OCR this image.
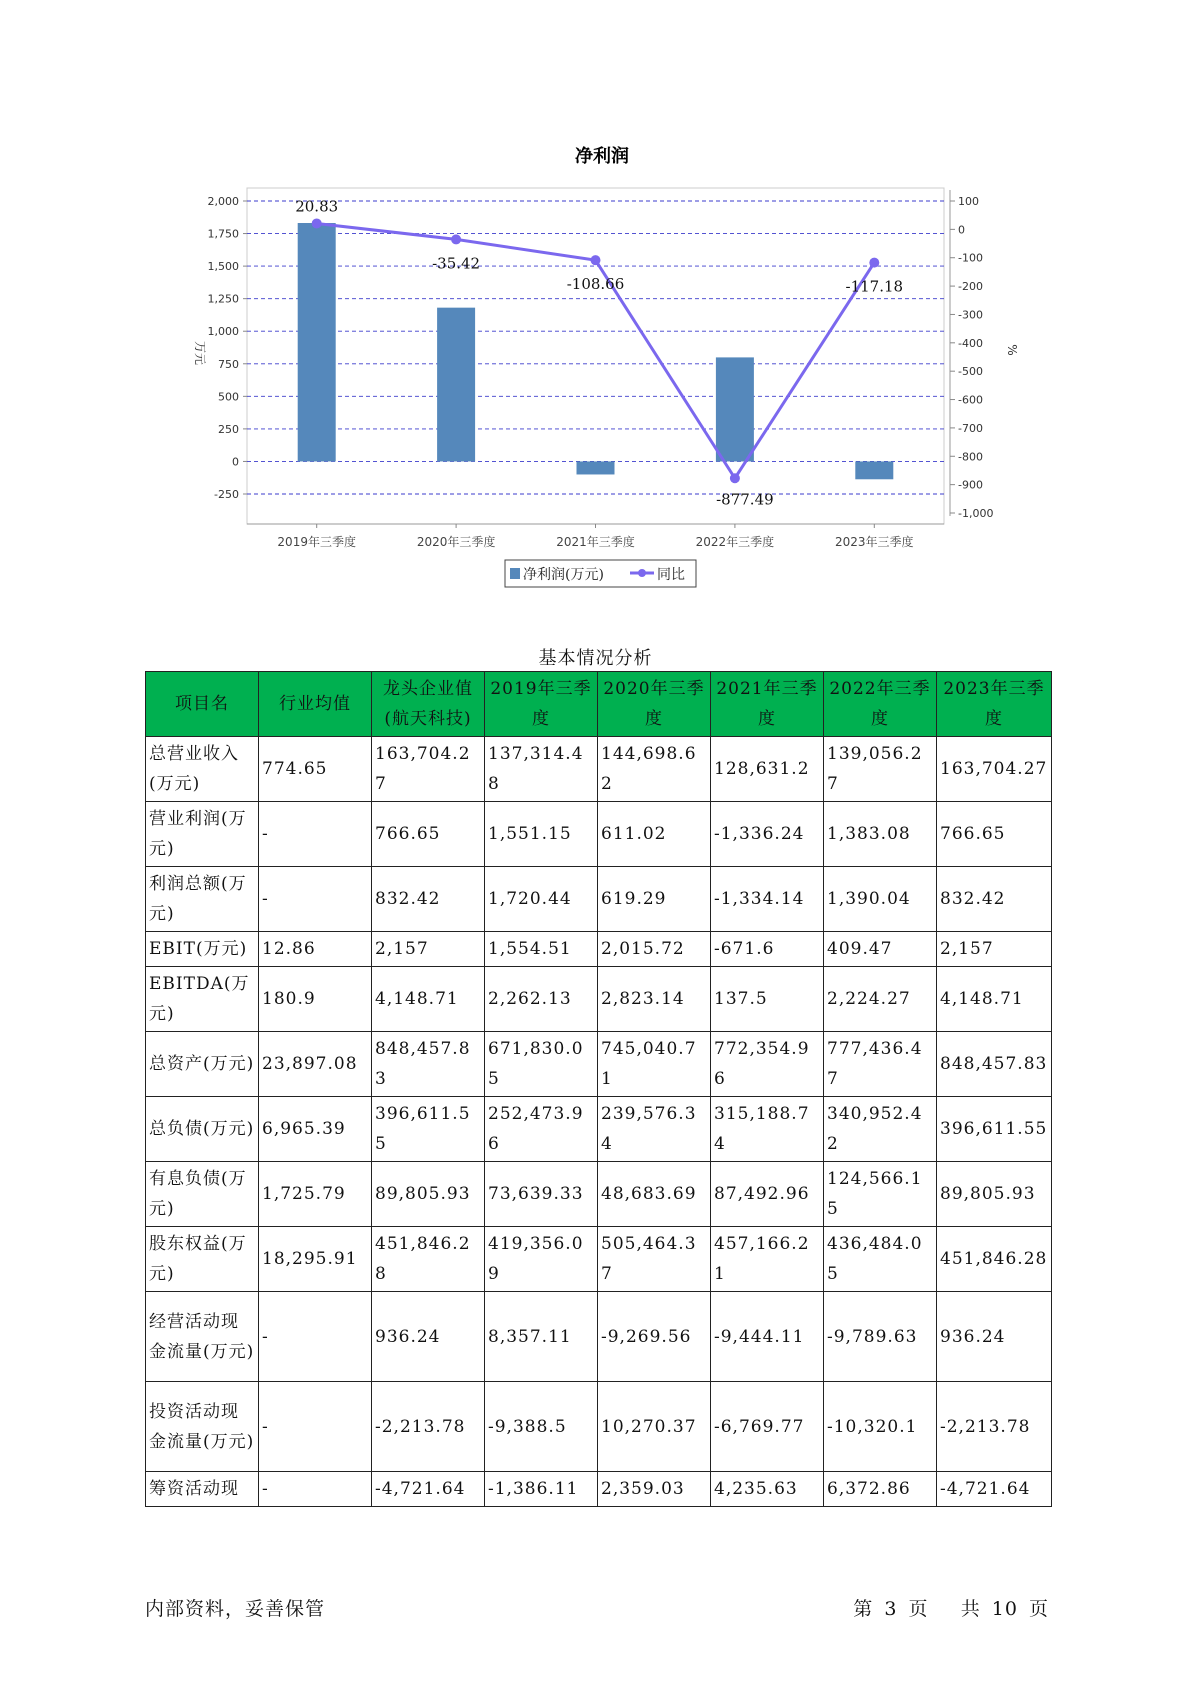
净利润
-250
0
250
500
750
1,000
1,250
1,500
1,750
2,000
-1,000
-900
-800
-700
-600
-500
-400
-300
-200
-100
0
100
万元	%
2019年三季度	2020年三季度	2021年三季度	2022年三季度	2023年三季度
20.83
-35.42
-108.66
-877.49
-117.18
净利润(万元)	同比
基本情况分析
项目名	行业均值	龙头企业值(航天科技)	2019年三季度	2020年三季度	2021年三季度	2022年三季度	2023年三季度
总营业收入(万元)	774.65	163,704.27	137,314.48	144,698.62	128,631.2	139,056.27	163,704.27
营业利润(万元)	-	766.65	1,551.15	611.02	-1,336.24	1,383.08	766.65
利润总额(万元)	-	832.42	1,720.44	619.29	-1,334.14	1,390.04	832.42
EBIT(万元)	12.86	2,157	1,554.51	2,015.72	-671.6	409.47	2,157
EBITDA(万元)	180.9	4,148.71	2,262.13	2,823.14	137.5	2,224.27	4,148.71
总资产(万元)	23,897.08	848,457.83	671,830.05	745,040.71	772,354.96	777,436.47	848,457.83
总负债(万元)	6,965.39	396,611.55	252,473.96	239,576.34	315,188.74	340,952.42	396,611.55
有息负债(万元)	1,725.79	89,805.93	73,639.33	48,683.69	87,492.96	124,566.15	89,805.93
股东权益(万元)	18,295.91	451,846.28	419,356.09	505,464.37	457,166.21	436,484.05	451,846.28
经营活动现金流量(万元)	-	936.24	8,357.11	-9,269.56	-9,444.11	-9,789.63	936.24
投资活动现金流量(万元)	-	-2,213.78	-9,388.5	10,270.37	-6,769.77	-10,320.1	-2,213.78
筹资活动现	-	-4,721.64	-1,386.11	2,359.03	4,235.63	6,372.86	-4,721.64
内部资料，妥善保管	第 3 页 共 10 页
